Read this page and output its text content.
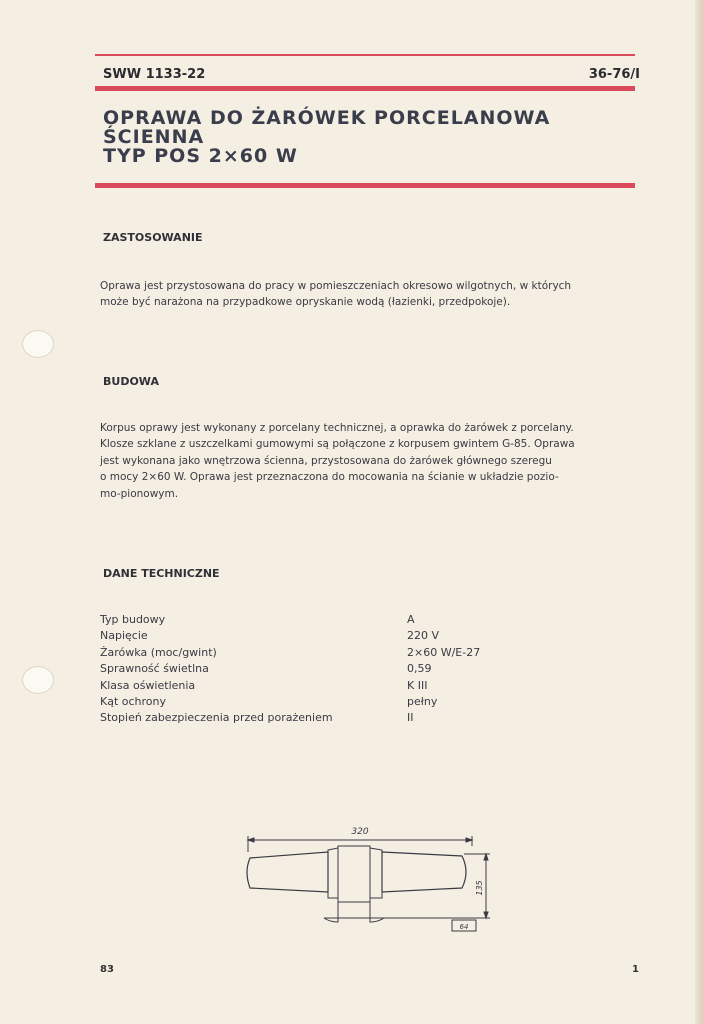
SWW 1133-22	36-76/I
OPRAWA DO ŻARÓWEK PORCELANOWA
ŚCIENNA
TYP POS 2×60 W
ZASTOSOWANIE

Oprawa jest przystosowana do pracy w pomieszczeniach okresowo wilgotnych, w których
może być narażona na przypadkowe opryskanie wodą (łazienki, przedpokoje).

BUDOWA

Korpus oprawy jest wykonany z porcelany technicznej, a oprawka do żarówek z porcelany.
Klosze szklane z uszczelkami gumowymi są połączone z korpusem gwintem G-85. Oprawa
jest wykonana jako wnętrzowa ścienna, przystosowana do żarówek głównego szeregu
o mocy 2×60 W. Oprawa jest przeznaczona do mocowania na ścianie w układzie pozio-
mo-pionowym.

DANE TECHNICZNE
Typ budowy	A
Napięcie	220 V
Żarówka (moc/gwint)	2×60 W/E-27
Sprawność świetlna	0,59
Klasa oświetlenia	K III
Kąt ochrony	pełny
Stopień zabezpieczenia przed porażeniem	II
320
135
64
83	1
